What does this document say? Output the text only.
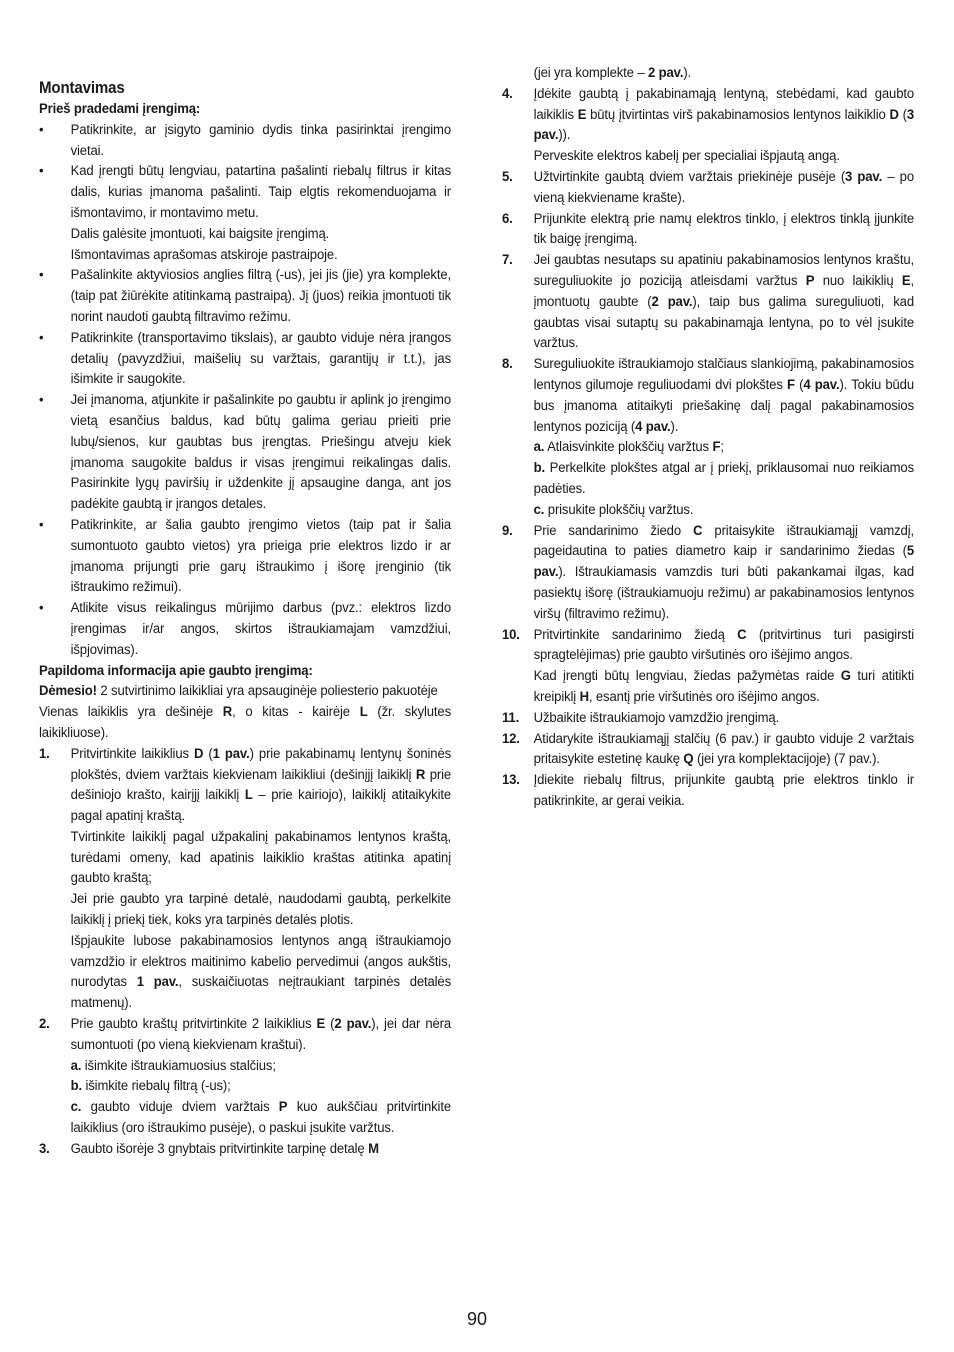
Montavimas

Prieš pradedami įrengimą:

• Patikrinkite, ar įsigyto gaminio dydis tinka pasirinktai įrengimo vietai.
• Kad įrengti būtų lengviau, patartina pašalinti riebalų filtrus ir kitas dalis, kurias įmanoma pašalinti. Taip elgtis rekomenduojama ir išmontavimo, ir montavimo metu.

Dalis galėsite įmontuoti, kai baigsite įrengimą.

Išmontavimas aprašomas atskiroje pastraipoje.

• Pašalinkite aktyviosios anglies filtrą (-us), jei jis (jie) yra komplekte, (taip pat žiūrėkite atitinkamą pastraipą). Jį (juos) reikia įmontuoti tik norint naudoti gaubtą filtravimo režimu.
• Patikrinkite (transportavimo tikslais), ar gaubto viduje nėra įrangos detalių (pavyzdžiui, maišelių su varžtais, garantijų ir t.t.), jas išimkite ir saugokite.
• Jei įmanoma, atjunkite ir pašalinkite po gaubtu ir aplink jo įrengimo vietą esančius baldus, kad būtų galima geriau prieiti prie lubų/sienos, kur gaubtas bus įrengtas. Priešingu atveju kiek įmanoma saugokite baldus ir visas įrengimui reikalingas dalis. Pasirinkite lygų paviršių ir uždenkite jį apsaugine danga, ant jos padėkite gaubtą ir įrangos detales.
• Patikrinkite, ar šalia gaubto įrengimo vietos (taip pat ir šalia sumontuoto gaubto vietos) yra prieiga prie elektros lizdo ir ar įmanoma prijungti prie garų ištraukimo į išorę įrenginio (tik ištraukimo režimui).
• Atlikite visus reikalingus mūrijimo darbus (pvz.: elektros lizdo įrengimas ir/ar angos, skirtos ištraukiamajam vamzdžiui, išpjovimas).

Papildoma informacija apie gaubto įrengimą:

Dėmesio! 2 sutvirtinimo laikikliai yra apsauginėje poliesterio pakuotėje

Vienas laikiklis yra dešinėje R, o kitas - kairėje L (žr. skylutes laikikliuose).

1. Pritvirtinkite laikiklius D (1 pav.) prie pakabinamų lentynų šoninės plokštės, dviem varžtais kiekvienam laikikliui (dešinįjį laikiklį R prie dešiniojo krašto, kairįjį laikiklį L – prie kairiojo), laikiklį atitaikykite pagal apatinį kraštą.

Tvirtinkite laikiklį pagal užpakalinį pakabinamos lentynos kraštą, turėdami omeny, kad apatinis laikiklio kraštas atitinka apatinį gaubto kraštą;

Jei prie gaubto yra tarpinė detalė, naudodami gaubtą, perkelkite laikiklį į priekį tiek, koks yra tarpinės detalės plotis.

Išpjaukite lubose pakabinamosios lentynos angą ištraukiamojo vamzdžio ir elektros maitinimo kabelio pervedimui (angos aukštis, nurodytas 1 pav., suskaičiuotas neįtraukiant tarpinės detalės matmenų).

2. Prie gaubto kraštų pritvirtinkite 2 laikiklius E (2 pav.), jei dar nėra sumontuoti (po vieną kiekvienam kraštui).

a. išimkite ištraukiamuosius stalčius;

b. išimkite riebalų filtrą (-us);

c. gaubto viduje dviem varžtais P kuo aukščiau pritvirtinkite laikiklius (oro ištraukimo pusėje), o paskui įsukite varžtus.

3. Gaubto išorėje 3 gnybtais pritvirtinkite tarpinę detalę M

(jei yra komplekte – 2 pav.).

4. Įdėkite gaubtą į pakabinamąją lentyną, stebėdami, kad gaubto laikiklis E būtų įtvirtintas virš pakabinamosios lentynos laikiklio D (3 pav.)).

Perveskite elektros kabelį per specialiai išpjautą angą.

5. Užtvirtinkite gaubtą dviem varžtais priekinėje pusėje (3 pav. – po vieną kiekviename krašte).

6. Prijunkite elektrą prie namų elektros tinklo, į elektros tinklą įjunkite tik baigę įrengimą.

7. Jei gaubtas nesutaps su apatiniu pakabinamosios lentynos kraštu, sureguliuokite jo poziciją atleisdami varžtus P nuo laikiklių E, įmontuotų gaubte (2 pav.), taip bus galima sureguliuoti, kad gaubtas visai sutaptų su pakabinamąja lentyna, po to vėl įsukite varžtus.

8. Sureguliuokite ištraukiamojo stalčiaus slankiojimą, pakabinamosios lentynos gilumoje reguliuodami dvi plokštes F (4 pav.). Tokiu būdu bus įmanoma atitaikyti priešakinę dalį pagal pakabinamosios lentynos poziciją (4 pav.).

a. Atlaisvinkite plokščių varžtus F;

b. Perkelkite plokštes atgal ar į priekį, priklausomai nuo reikiamos padėties.

c. prisukite plokščių varžtus.

9. Prie sandarinimo žiedo C pritaisykite ištraukiamąjį vamzdį, pageidautina to paties diametro kaip ir sandarinimo žiedas (5 pav.). Ištraukiamasis vamzdis turi būti pakankamai ilgas, kad pasiektų išorę (ištraukiamuoju režimu) ar pakabinamosios lentynos viršų (filtravimo režimu).

10. Pritvirtinkite sandarinimo žiedą C (pritvirtinus turi pasigirsti spragtelėjimas) prie gaubto viršutinės oro išėjimo angos.

Kad įrengti būtų lengviau, žiedas pažymėtas raide G turi atitikti kreipiklį H, esantį prie viršutinės oro išėjimo angos.

11. Užbaikite ištraukiamojo vamzdžio įrengimą.

12. Atidarykite ištraukiamąjį stalčių (6 pav.) ir gaubto viduje 2 varžtais pritaisykite estetinę kaukę Q (jei yra komplektacijoje) (7 pav.).

13. Įdiekite riebalų filtrus, prijunkite gaubtą prie elektros tinklo ir patikrinkite, ar gerai veikia.

90
